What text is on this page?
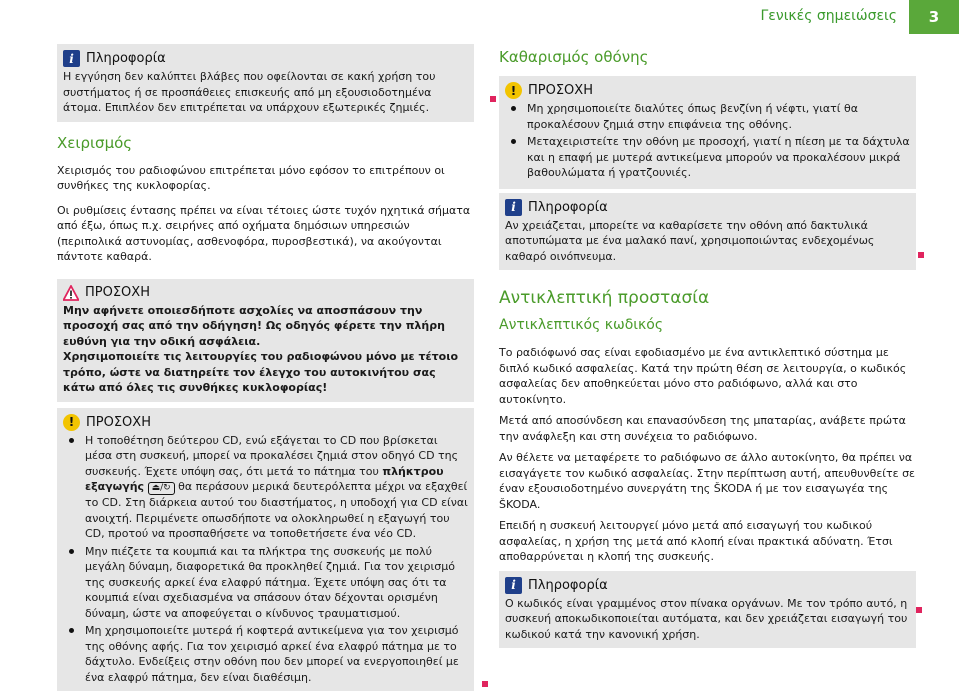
Γενικές σημειώσεις	3
i Πληροφορία

Η εγγύηση δεν καλύπτει βλάβες που οφείλονται σε κακή χρήση του συστήματος ή σε προσπάθειες επισκευής από μη εξουσιοδοτημένα άτομα. Επιπλέον δεν επιτρέπεται να υπάρχουν εξωτερικές ζημιές.

Χειρισμός

Χειρισμός του ραδιοφώνου επιτρέπεται μόνο εφόσον το επιτρέπουν οι συνθήκες της κυκλοφορίας.

Οι ρυθμίσεις έντασης πρέπει να είναι τέτοιες ώστε τυχόν ηχητικά σήματα από έξω, όπως π.χ. σειρήνες από οχήματα δημόσιων υπηρεσιών (περιπολικά αστυνομίας, ασθενοφόρα, πυροσβεστικά), να ακούγονται πάντοτε καθαρά.

ΠΡΟΣΟΧΗ

Μην αφήνετε οποιεσδήποτε ασχολίες να αποσπάσουν την προσοχή σας από την οδήγηση! Ως οδηγός φέρετε την πλήρη ευθύνη για την οδική ασφάλεια.

Χρησιμοποιείτε τις λειτουργίες του ραδιοφώνου μόνο με τέτοιο τρόπο, ώστε να διατηρείτε τον έλεγχο του αυτοκινήτου σας κάτω από όλες τις συνθήκες κυκλοφορίας!

! ΠΡΟΣΟΧΗ
Η τοποθέτηση δεύτερου CD, ενώ εξάγεται το CD που βρίσκεται μέσα στη συσκευή, μπορεί να προκαλέσει ζημιά στον οδηγό CD της συσκευής. Έχετε υπόψη σας, ότι μετά το πάτημα του πλήκτρου εξαγωγής ⏏/↻ θα περάσουν μερικά δευτερόλεπτα μέχρι να εξαχθεί το CD. Στη διάρκεια αυτού του διαστήματος, η υποδοχή για CD είναι ανοιχτή. Περιμένετε οπωσδήποτε να ολοκληρωθεί η εξαγωγή του CD, προτού να προσπαθήσετε να τοποθετήσετε ένα νέο CD.
Μην πιέζετε τα κουμπιά και τα πλήκτρα της συσκευής με πολύ μεγάλη δύναμη, διαφορετικά θα προκληθεί ζημιά. Για τον χειρισμό της συσκευής αρκεί ένα ελαφρύ πάτημα. Έχετε υπόψη σας ότι τα κουμπιά είναι σχεδιασμένα να σπάσουν όταν δέχονται ορισμένη δύναμη, ώστε να αποφεύγεται ο κίνδυνος τραυματισμού.
Μη χρησιμοποιείτε μυτερά ή κοφτερά αντικείμενα για τον χειρισμό της οθόνης αφής. Για τον χειρισμό αρκεί ένα ελαφρύ πάτημα με το δάχτυλο. Ενδείξεις στην οθόνη που δεν μπορεί να ενεργοποιηθεί με ένα ελαφρύ πάτημα, δεν είναι διαθέσιμη.
Καθαρισμός οθόνης
! ΠΡΟΣΟΧΗ
Μη χρησιμοποιείτε διαλύτες όπως βενζίνη ή νέφτι, γιατί θα προκαλέσουν ζημιά στην επιφάνεια της οθόνης.
Μεταχειριστείτε την οθόνη με προσοχή, γιατί η πίεση με τα δάχτυλα και η επαφή με μυτερά αντικείμενα μπορούν να προκαλέσουν μικρά βαθουλώματα ή γρατζουνιές.
i Πληροφορία

Αν χρειάζεται, μπορείτε να καθαρίσετε την οθόνη από δακτυλικά αποτυπώματα με ένα μαλακό πανί, χρησιμοποιώντας ενδεχομένως καθαρό οινόπνευμα.

Αντικλεπτική προστασία
Αντικλεπτικός κωδικός

Το ραδιόφωνό σας είναι εφοδιασμένο με ένα αντικλεπτικό σύστημα με διπλό κωδικό ασφαλείας. Κατά την πρώτη θέση σε λειτουργία, ο κωδικός ασφαλείας δεν αποθηκεύεται μόνο στο ραδιόφωνο, αλλά και στο αυτοκίνητο.

Μετά από αποσύνδεση και επανασύνδεση της μπαταρίας, ανάβετε πρώτα την ανάφλεξη και στη συνέχεια το ραδιόφωνο.

Αν θέλετε να μεταφέρετε το ραδιόφωνο σε άλλο αυτοκίνητο, θα πρέπει να εισαγάγετε τον κωδικό ασφαλείας. Στην περίπτωση αυτή, απευθυνθείτε σε έναν εξουσιοδοτημένο συνεργάτη της ŠKODA ή με τον εισαγωγέα της ŠKODA.

Επειδή η συσκευή λειτουργεί μόνο μετά από εισαγωγή του κωδικού ασφαλείας, η χρήση της μετά από κλοπή είναι πρακτικά αδύνατη. Έτσι αποθαρρύνεται η κλοπή της συσκευής.

i Πληροφορία

Ο κωδικός είναι γραμμένος στον πίνακα οργάνων. Με τον τρόπο αυτό, η συσκευή αποκωδικοποιείται αυτόματα, και δεν χρειάζεται εισαγωγή του κωδικού κατά την κανονική χρήση.
